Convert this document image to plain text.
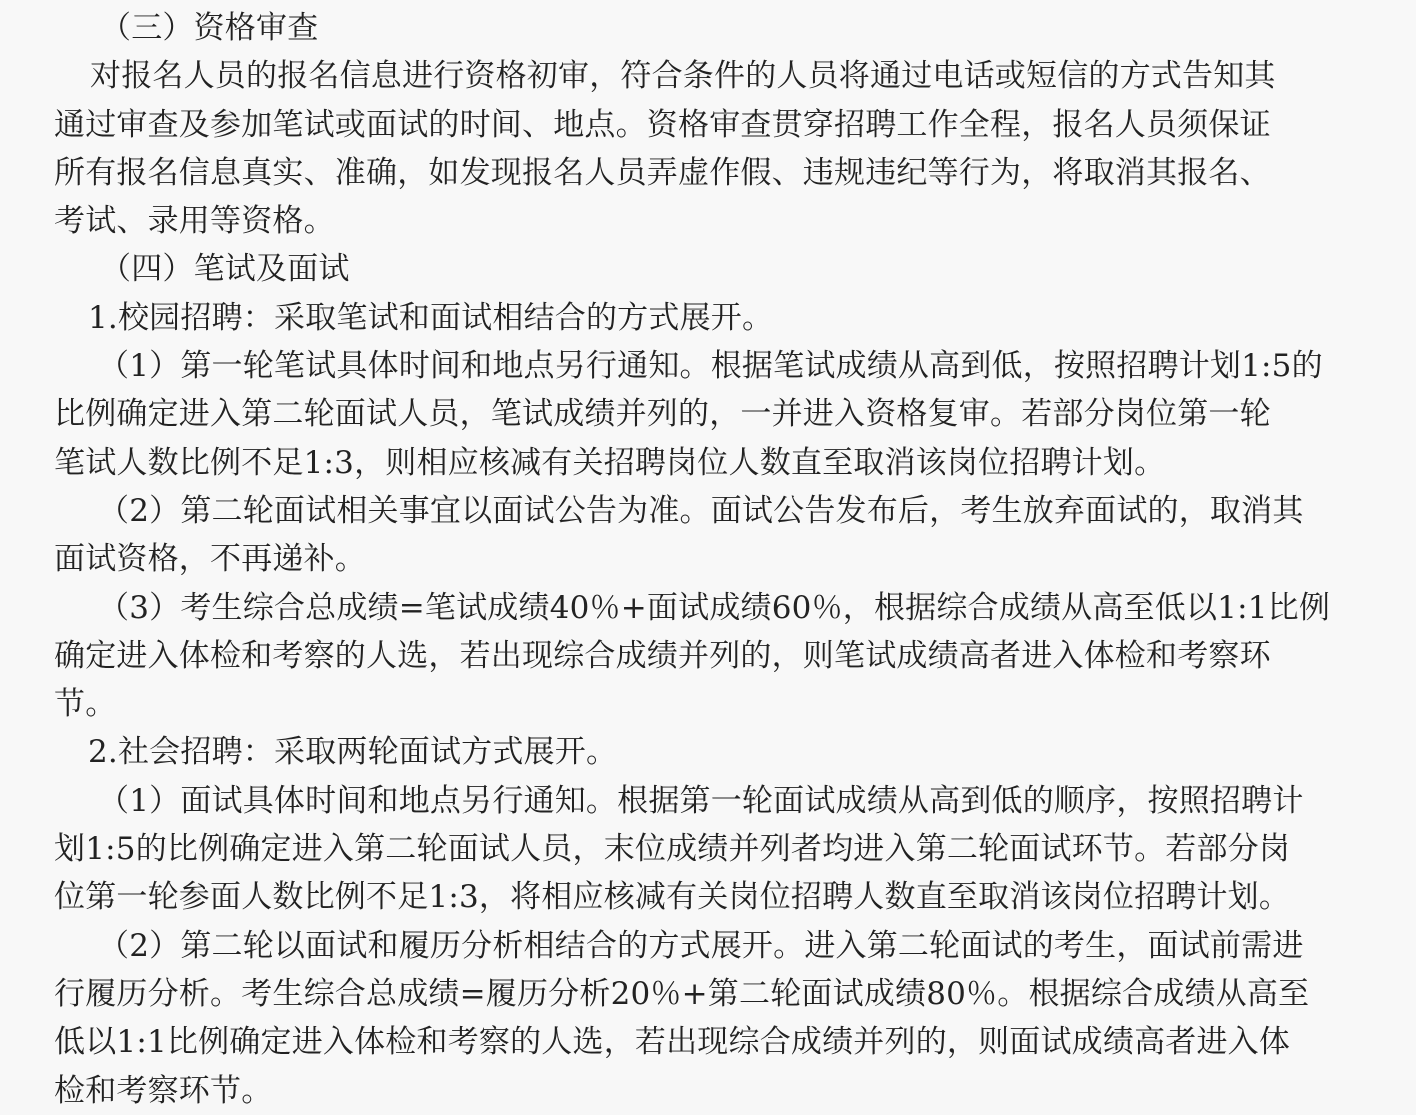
（三）资格审查

对报名人员的报名信息进行资格初审，符合条件的人员将通过电话或短信的方式告知其

通过审查及参加笔试或面试的时间、地点。资格审查贯穿招聘工作全程，报名人员须保证

所有报名信息真实、准确，如发现报名人员弄虚作假、违规违纪等行为，将取消其报名、

考试、录用等资格。

（四）笔试及面试

1.校园招聘：采取笔试和面试相结合的方式展开。

（1）第一轮笔试具体时间和地点另行通知。根据笔试成绩从高到低，按照招聘计划1:5的

比例确定进入第二轮面试人员，笔试成绩并列的，一并进入资格复审。若部分岗位第一轮

笔试人数比例不足1:3，则相应核减有关招聘岗位人数直至取消该岗位招聘计划。

（2）第二轮面试相关事宜以面试公告为准。面试公告发布后，考生放弃面试的，取消其

面试资格，不再递补。

（3）考生综合总成绩=笔试成绩40％+面试成绩60％，根据综合成绩从高至低以1:1比例

确定进入体检和考察的人选，若出现综合成绩并列的，则笔试成绩高者进入体检和考察环

节。

2.社会招聘：采取两轮面试方式展开。

（1）面试具体时间和地点另行通知。根据第一轮面试成绩从高到低的顺序，按照招聘计

划1:5的比例确定进入第二轮面试人员，末位成绩并列者均进入第二轮面试环节。若部分岗

位第一轮参面人数比例不足1:3，将相应核减有关岗位招聘人数直至取消该岗位招聘计划。

（2）第二轮以面试和履历分析相结合的方式展开。进入第二轮面试的考生，面试前需进

行履历分析。考生综合总成绩=履历分析20％+第二轮面试成绩80％。根据综合成绩从高至

低以1:1比例确定进入体检和考察的人选，若出现综合成绩并列的，则面试成绩高者进入体

检和考察环节。
